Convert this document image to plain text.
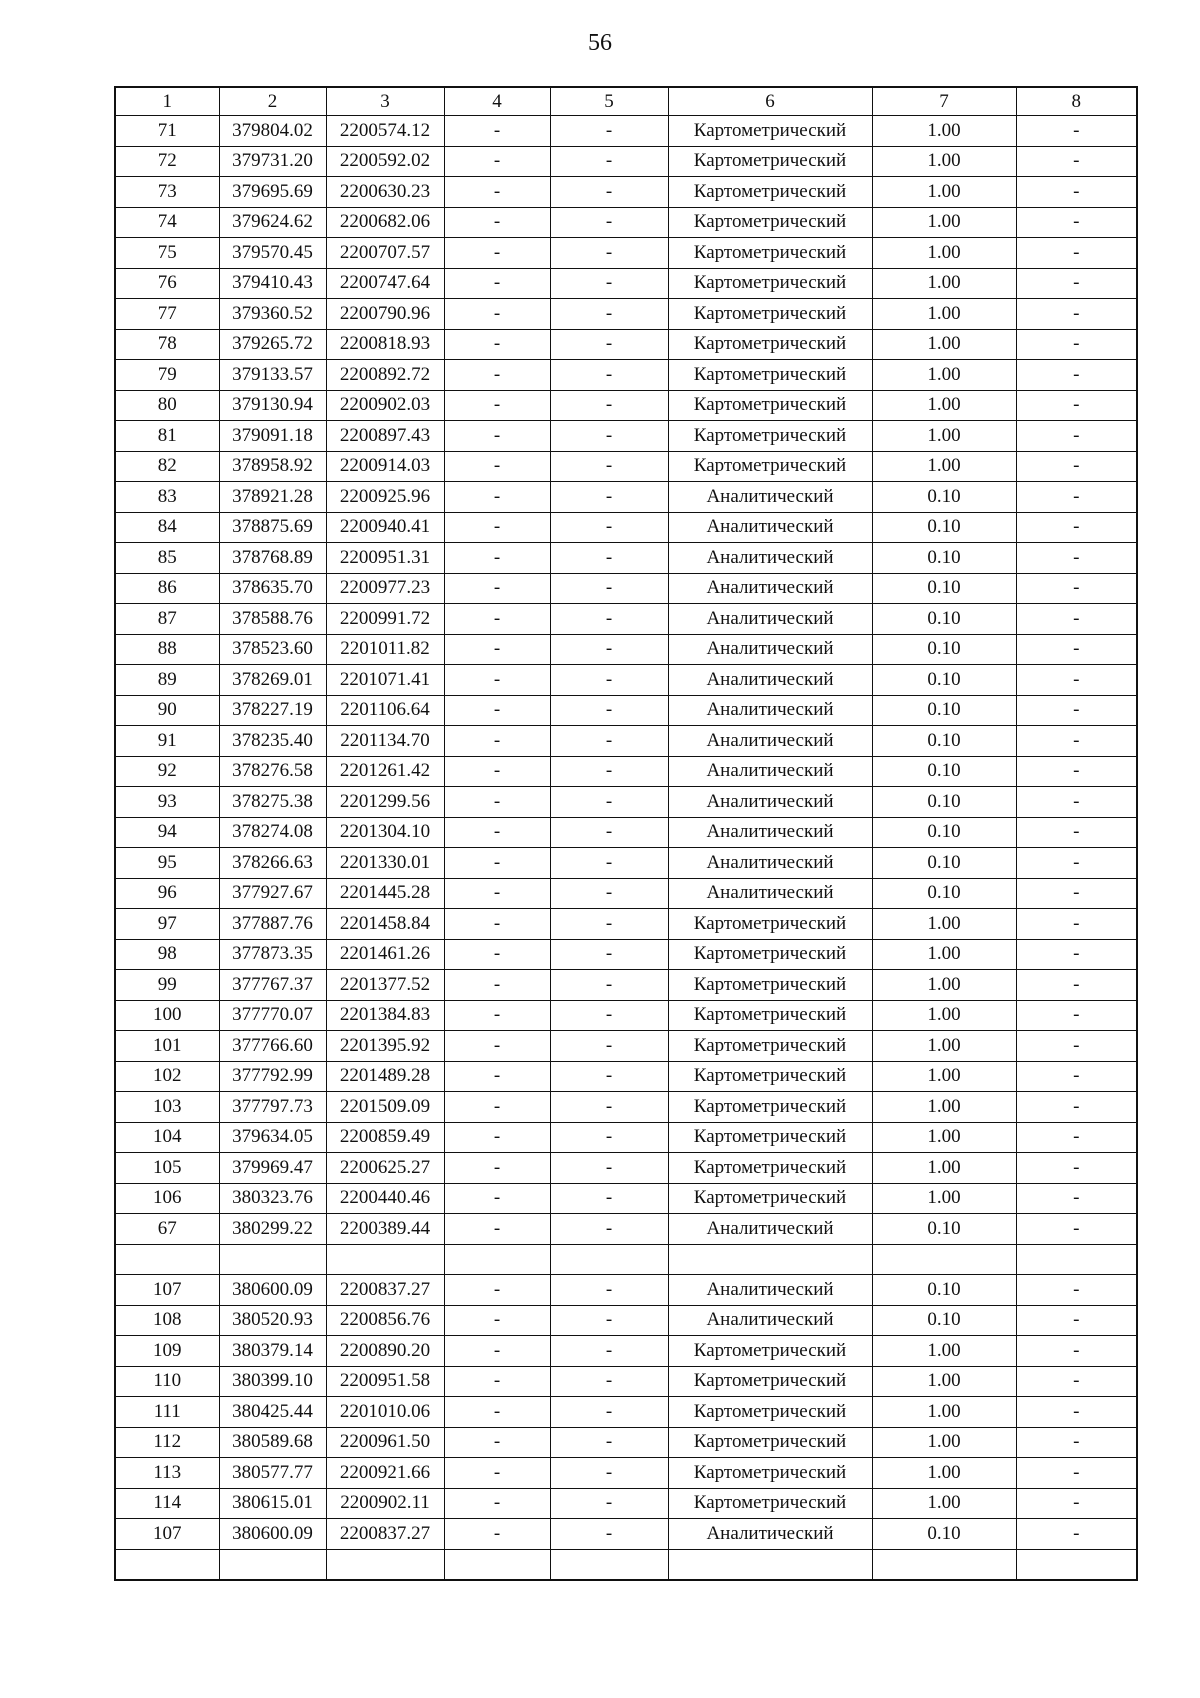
56
1	2	3	4	5	6	7	8
71	379804.02	2200574.12	-	-	Картометрический	1.00	-
72	379731.20	2200592.02	-	-	Картометрический	1.00	-
73	379695.69	2200630.23	-	-	Картометрический	1.00	-
74	379624.62	2200682.06	-	-	Картометрический	1.00	-
75	379570.45	2200707.57	-	-	Картометрический	1.00	-
76	379410.43	2200747.64	-	-	Картометрический	1.00	-
77	379360.52	2200790.96	-	-	Картометрический	1.00	-
78	379265.72	2200818.93	-	-	Картометрический	1.00	-
79	379133.57	2200892.72	-	-	Картометрический	1.00	-
80	379130.94	2200902.03	-	-	Картометрический	1.00	-
81	379091.18	2200897.43	-	-	Картометрический	1.00	-
82	378958.92	2200914.03	-	-	Картометрический	1.00	-
83	378921.28	2200925.96	-	-	Аналитический	0.10	-
84	378875.69	2200940.41	-	-	Аналитический	0.10	-
85	378768.89	2200951.31	-	-	Аналитический	0.10	-
86	378635.70	2200977.23	-	-	Аналитический	0.10	-
87	378588.76	2200991.72	-	-	Аналитический	0.10	-
88	378523.60	2201011.82	-	-	Аналитический	0.10	-
89	378269.01	2201071.41	-	-	Аналитический	0.10	-
90	378227.19	2201106.64	-	-	Аналитический	0.10	-
91	378235.40	2201134.70	-	-	Аналитический	0.10	-
92	378276.58	2201261.42	-	-	Аналитический	0.10	-
93	378275.38	2201299.56	-	-	Аналитический	0.10	-
94	378274.08	2201304.10	-	-	Аналитический	0.10	-
95	378266.63	2201330.01	-	-	Аналитический	0.10	-
96	377927.67	2201445.28	-	-	Аналитический	0.10	-
97	377887.76	2201458.84	-	-	Картометрический	1.00	-
98	377873.35	2201461.26	-	-	Картометрический	1.00	-
99	377767.37	2201377.52	-	-	Картометрический	1.00	-
100	377770.07	2201384.83	-	-	Картометрический	1.00	-
101	377766.60	2201395.92	-	-	Картометрический	1.00	-
102	377792.99	2201489.28	-	-	Картометрический	1.00	-
103	377797.73	2201509.09	-	-	Картометрический	1.00	-
104	379634.05	2200859.49	-	-	Картометрический	1.00	-
105	379969.47	2200625.27	-	-	Картометрический	1.00	-
106	380323.76	2200440.46	-	-	Картометрический	1.00	-
67	380299.22	2200389.44	-	-	Аналитический	0.10	-

107	380600.09	2200837.27	-	-	Аналитический	0.10	-
108	380520.93	2200856.76	-	-	Аналитический	0.10	-
109	380379.14	2200890.20	-	-	Картометрический	1.00	-
110	380399.10	2200951.58	-	-	Картометрический	1.00	-
111	380425.44	2201010.06	-	-	Картометрический	1.00	-
112	380589.68	2200961.50	-	-	Картометрический	1.00	-
113	380577.77	2200921.66	-	-	Картометрический	1.00	-
114	380615.01	2200902.11	-	-	Картометрический	1.00	-
107	380600.09	2200837.27	-	-	Аналитический	0.10	-
